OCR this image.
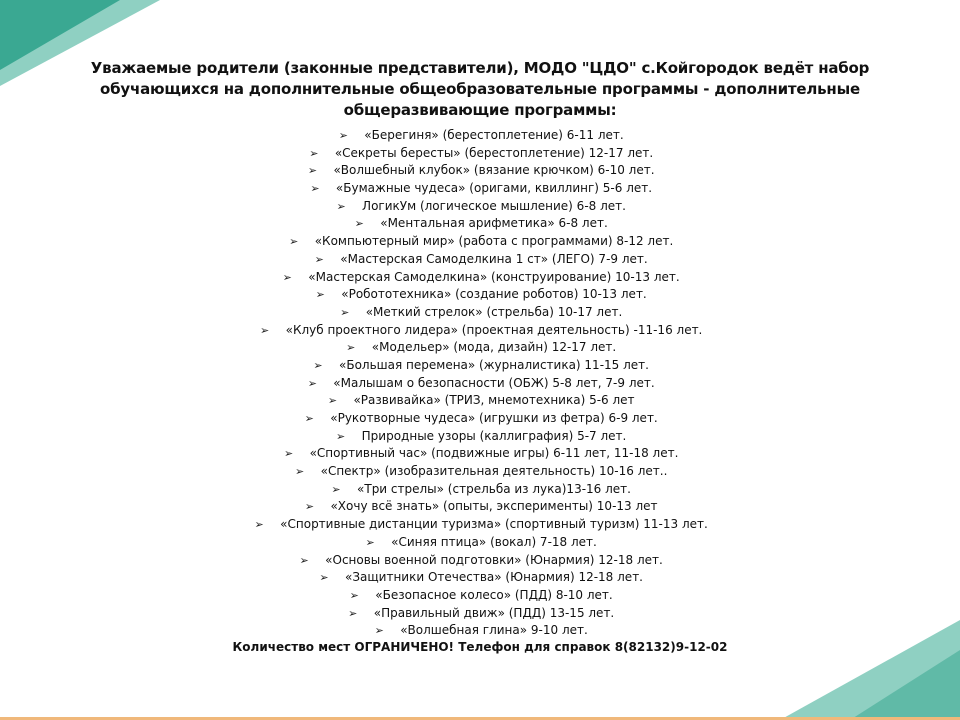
Уважаемые родители (законные представители), МОДО "ЦДО" с.Койгородок ведёт набор
обучающихся на дополнительные общеобразовательные программы - дополнительные
общеразвивающие программы:
➢ «Берегиня» (берестоплетение) 6-11 лет.
➢ «Секреты бересты» (берестоплетение) 12-17 лет.
➢ «Волшебный клубок» (вязание крючком) 6-10 лет.
➢ «Бумажные чудеса» (оригами, квиллинг) 5-6 лет.
➢ ЛогикУм (логическое мышление) 6-8 лет.
➢ «Ментальная арифметика» 6-8 лет.
➢ «Компьютерный мир» (работа с программами) 8-12 лет.
➢ «Мастерская Самоделкина 1 ст» (ЛЕГО) 7-9 лет.
➢ «Мастерская Самоделкина» (конструирование) 10-13 лет.
➢ «Робототехника» (создание роботов) 10-13 лет.
➢ «Меткий стрелок» (стрельба) 10-17 лет.
➢ «Клуб проектного лидера» (проектная деятельность) -11-16 лет.
➢ «Модельер» (мода, дизайн) 12-17 лет.
➢ «Большая перемена» (журналистика) 11-15 лет.
➢ «Малышам о безопасности (ОБЖ) 5-8 лет, 7-9 лет.
➢ «Развивайка» (ТРИЗ, мнемотехника) 5-6 лет
➢ «Рукотворные чудеса» (игрушки из фетра) 6-9 лет.
➢ Природные узоры (каллиграфия) 5-7 лет.
➢ «Спортивный час» (подвижные игры) 6-11 лет, 11-18 лет.
➢ «Спектр» (изобразительная деятельность) 10-16 лет..
➢ «Три стрелы» (стрельба из лука)13-16 лет.
➢ «Хочу всё знать» (опыты, эксперименты) 10-13 лет
➢ «Спортивные дистанции туризма» (спортивный туризм) 11-13 лет.
➢ «Синяя птица» (вокал) 7-18 лет.
➢ «Основы военной подготовки» (Юнармия) 12-18 лет.
➢ «Защитники Отечества» (Юнармия) 12-18 лет.
➢ «Безопасное колесо» (ПДД) 8-10 лет.
➢ «Правильный движ» (ПДД) 13-15 лет.
➢ «Волшебная глина» 9-10 лет.
Количество мест ОГРАНИЧЕНО! Телефон для справок 8(82132)9-12-02
